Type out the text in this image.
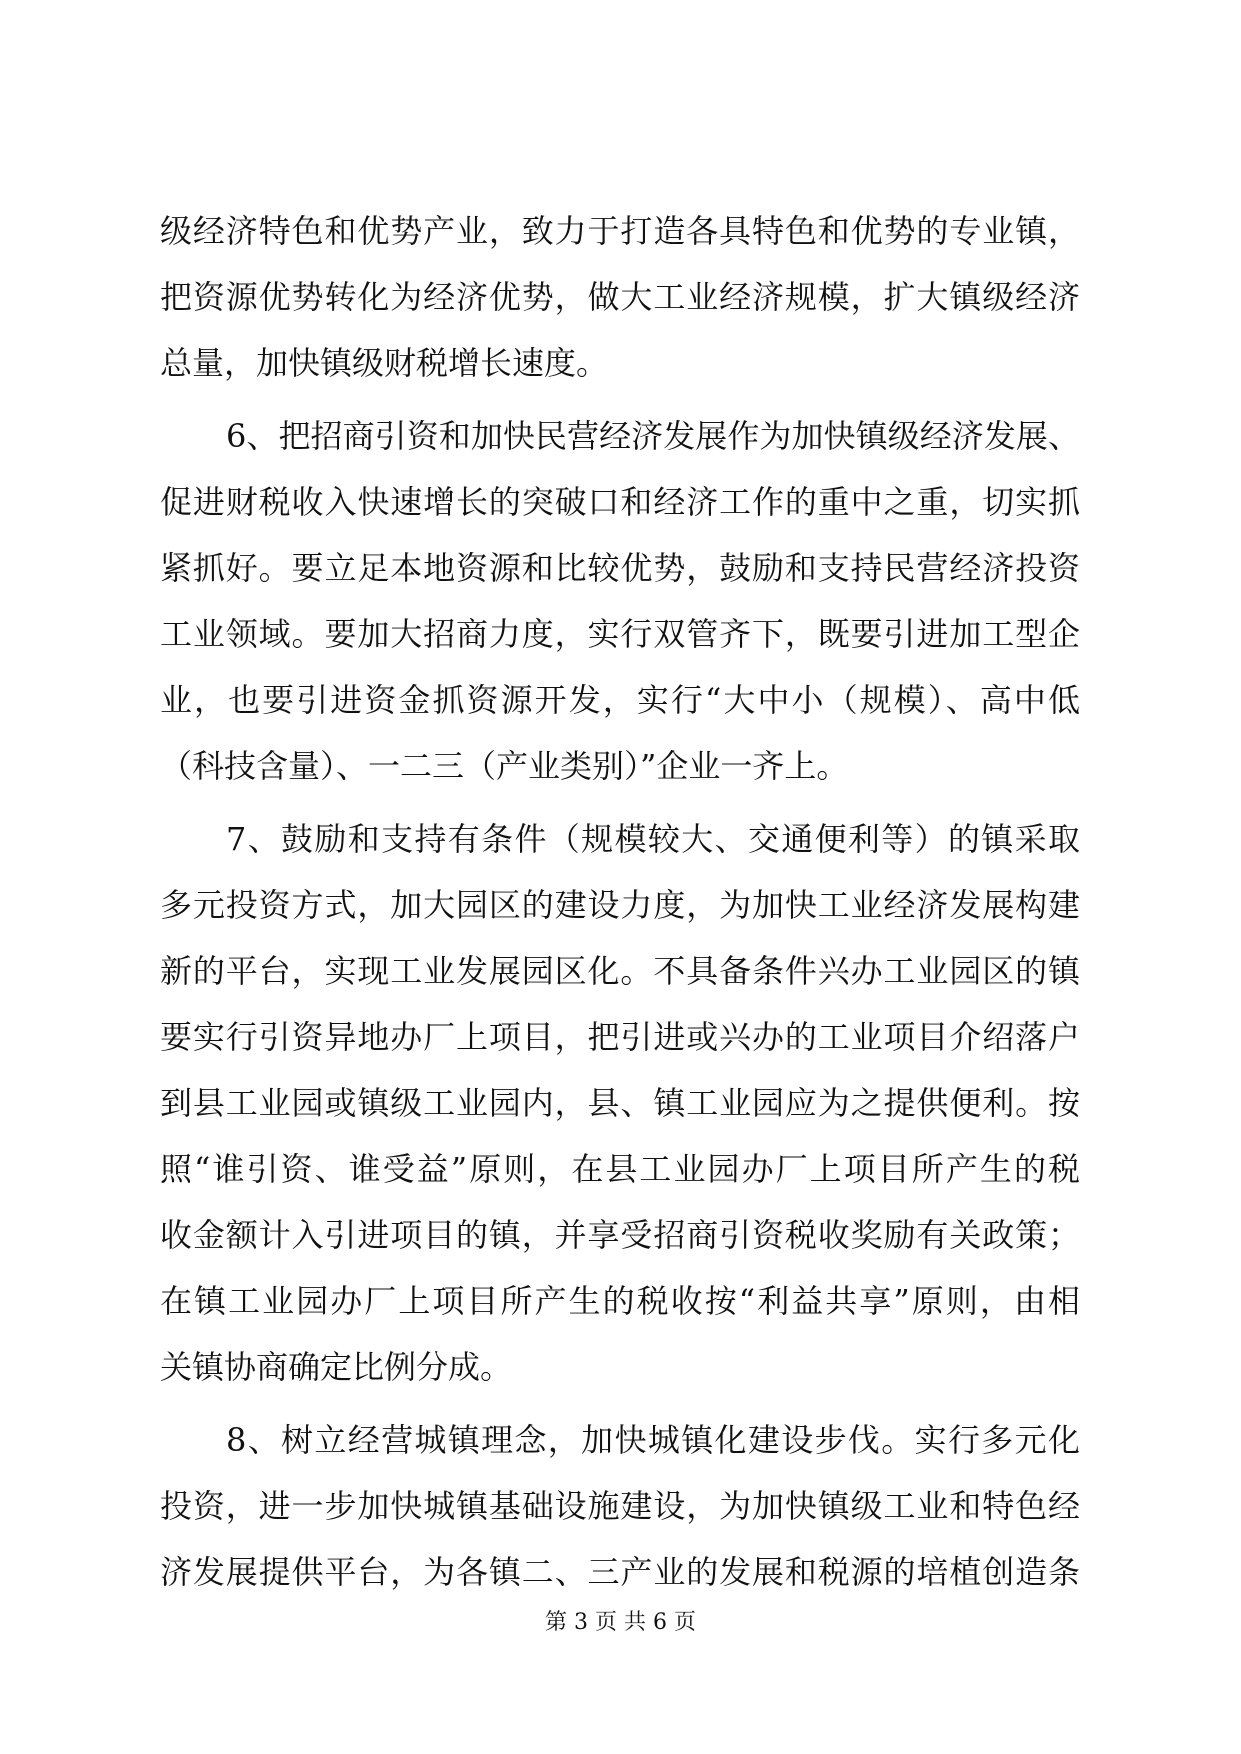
级经济特色和优势产业，致力于打造各具特色和优势的专业镇，
把资源优势转化为经济优势，做大工业经济规模，扩大镇级经济
总量，加快镇级财税增长速度。
6、把招商引资和加快民营经济发展作为加快镇级经济发展、
促进财税收入快速增长的突破口和经济工作的重中之重，切实抓
紧抓好。要立足本地资源和比较优势，鼓励和支持民营经济投资
工业领域。要加大招商力度，实行双管齐下，既要引进加工型企
业，也要引进资金抓资源开发，实行“大中小（规模）、高中低
（科技含量）、一二三（产业类别）”企业一齐上。
7、鼓励和支持有条件（规模较大、交通便利等）的镇采取
多元投资方式，加大园区的建设力度，为加快工业经济发展构建
新的平台，实现工业发展园区化。不具备条件兴办工业园区的镇
要实行引资异地办厂上项目，把引进或兴办的工业项目介绍落户
到县工业园或镇级工业园内，县、镇工业园应为之提供便利。按
照“谁引资、谁受益”原则，在县工业园办厂上项目所产生的税
收金额计入引进项目的镇，并享受招商引资税收奖励有关政策；
在镇工业园办厂上项目所产生的税收按“利益共享”原则，由相
关镇协商确定比例分成。
8、树立经营城镇理念，加快城镇化建设步伐。实行多元化
投资，进一步加快城镇基础设施建设，为加快镇级工业和特色经
济发展提供平台，为各镇二、三产业的发展和税源的培植创造条
第 3 页 共 6 页
